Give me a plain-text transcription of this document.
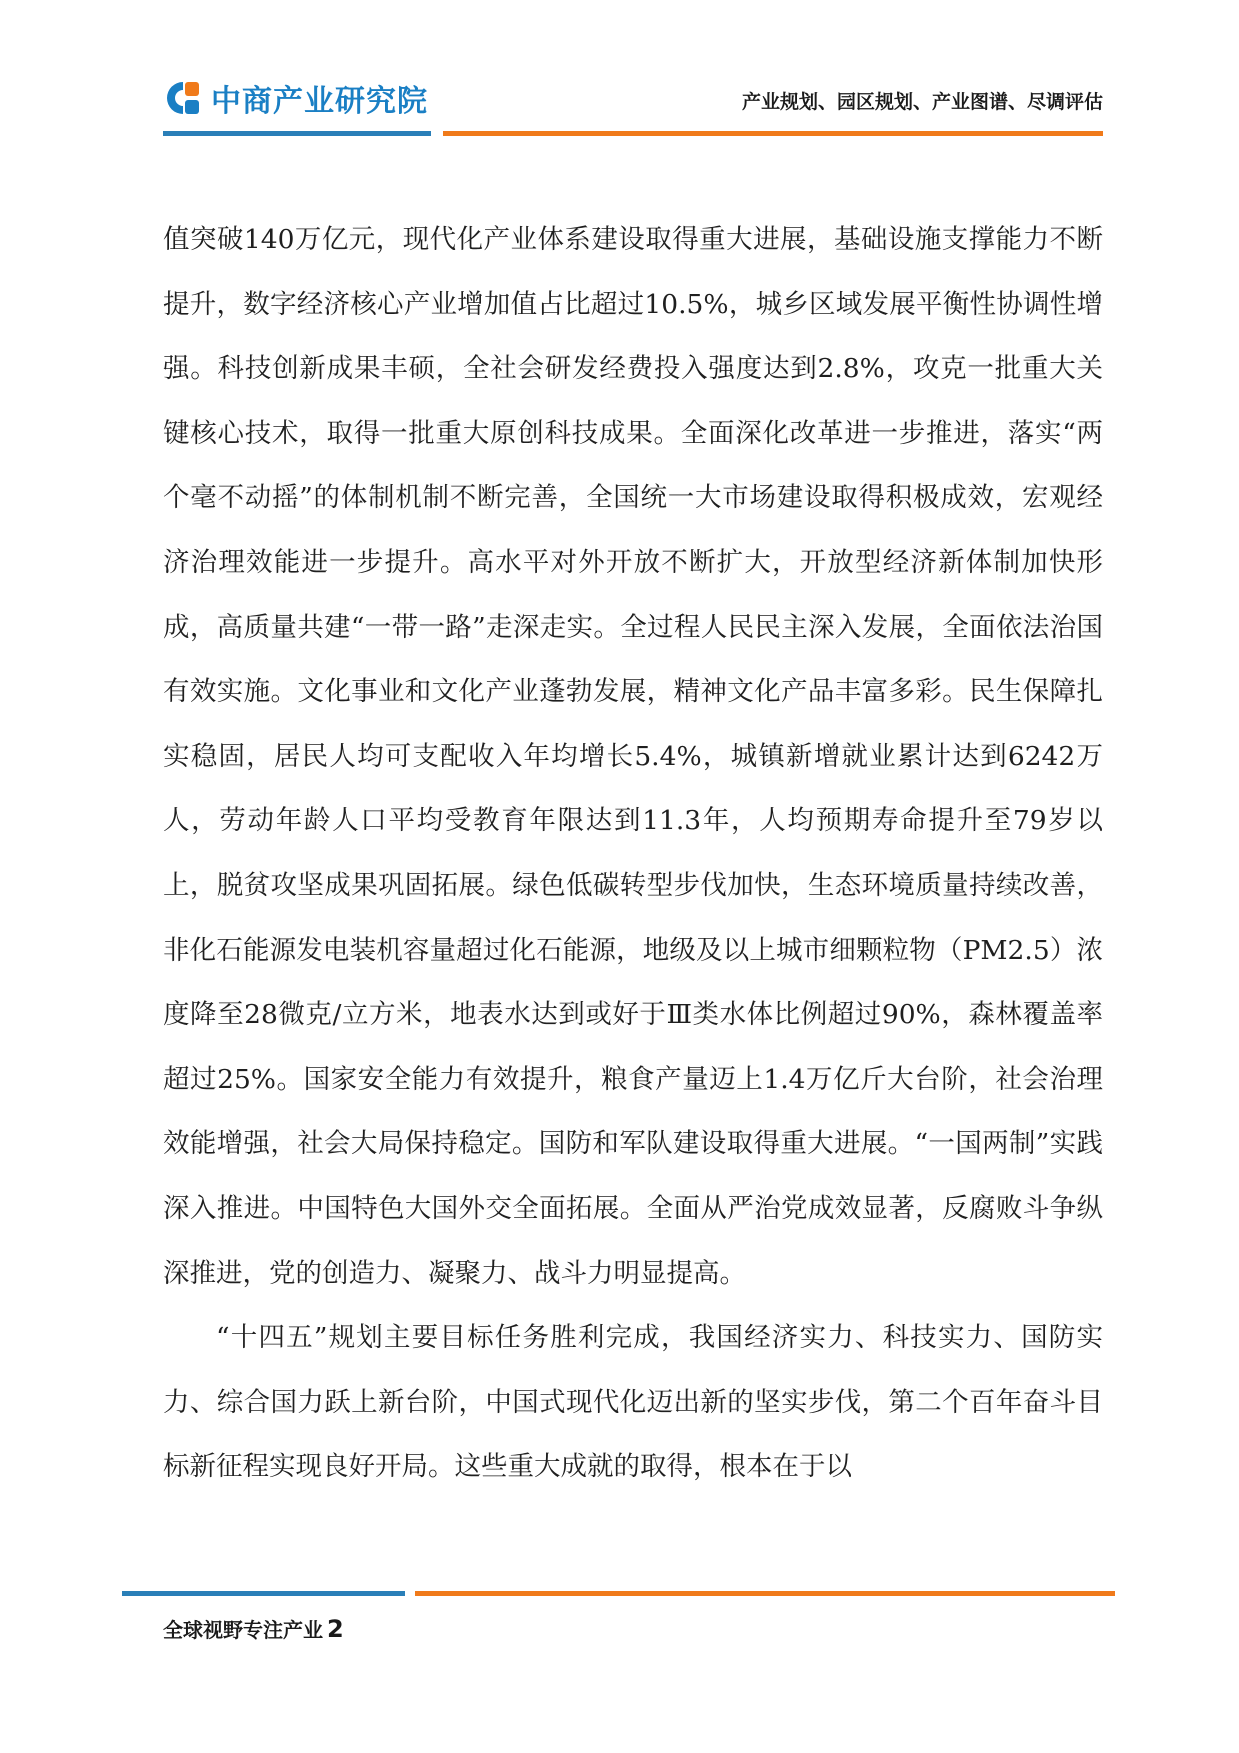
中商产业研究院	产业规划、园区规划、产业图谱、尽调评估

值突破140万亿元，现代化产业体系建设取得重大进展，基础设施支撑能力不断提升，数字经济核心产业增加值占比超过10.5%，城乡区域发展平衡性协调性增强。科技创新成果丰硕，全社会研发经费投入强度达到2.8%，攻克一批重大关键核心技术，取得一批重大原创科技成果。全面深化改革进一步推进，落实“两个毫不动摇”的体制机制不断完善，全国统一大市场建设取得积极成效，宏观经济治理效能进一步提升。高水平对外开放不断扩大，开放型经济新体制加快形成，高质量共建“一带一路”走深走实。全过程人民民主深入发展，全面依法治国有效实施。文化事业和文化产业蓬勃发展，精神文化产品丰富多彩。民生保障扎实稳固，居民人均可支配收入年均增长5.4%，城镇新增就业累计达到6242万人，劳动年龄人口平均受教育年限达到11.3年，人均预期寿命提升至79岁以上，脱贫攻坚成果巩固拓展。绿色低碳转型步伐加快，生态环境质量持续改善，非化石能源发电装机容量超过化石能源，地级及以上城市细颗粒物（PM2.5）浓度降至28微克/立方米，地表水达到或好于Ⅲ类水体比例超过90%，森林覆盖率超过25%。国家安全能力有效提升，粮食产量迈上1.4万亿斤大台阶，社会治理效能增强，社会大局保持稳定。国防和军队建设取得重大进展。“一国两制”实践深入推进。中国特色大国外交全面拓展。全面从严治党成效显著，反腐败斗争纵深推进，党的创造力、凝聚力、战斗力明显提高。

“十四五”规划主要目标任务胜利完成，我国经济实力、科技实力、国防实力、综合国力跃上新台阶，中国式现代化迈出新的坚实步伐，第二个百年奋斗目标新征程实现良好开局。这些重大成就的取得，根本在于以

全球视野专注产业 2
